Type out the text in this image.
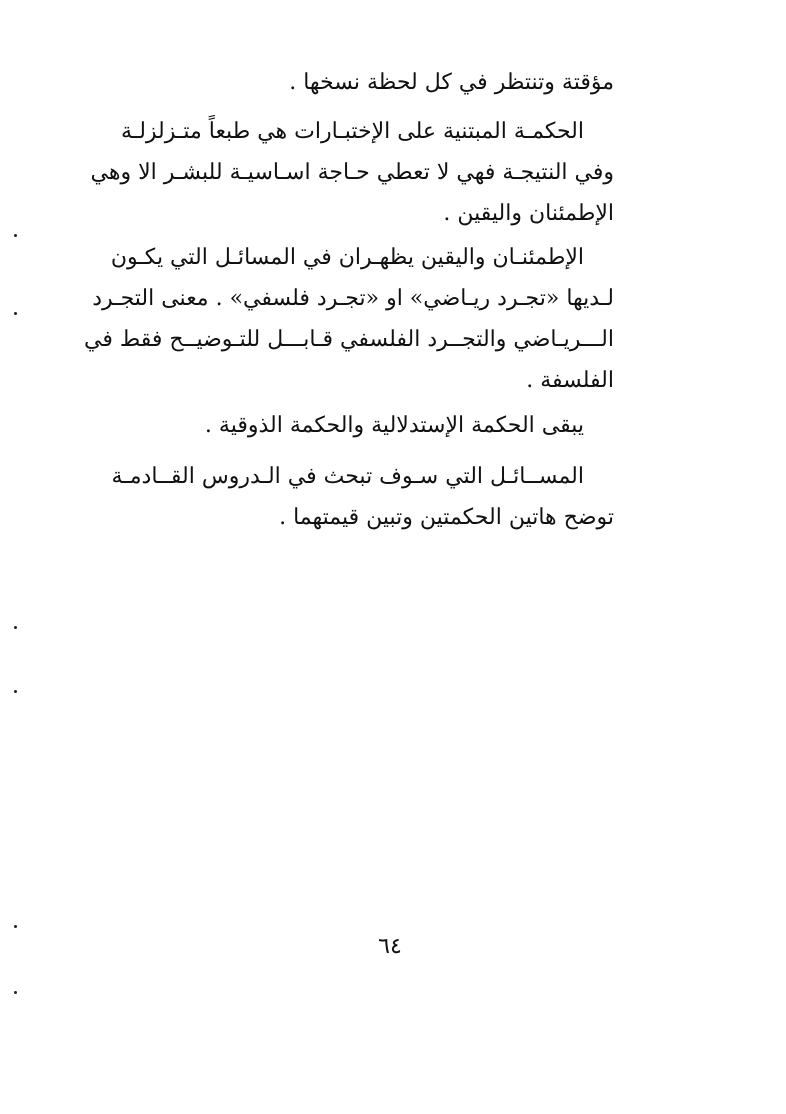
مؤقتة وتنتظر في كل لحظة نسخها .
الحكمـة المبتنية على الإختبـارات هي طبعاً متـزلزلـة
وفي النتيجـة فهي لا تعطي حـاجة اسـاسيـة للبشـر الا وهي
الإطمئنان واليقين .
الإطمئنـان واليقين يظهـران في المسائـل التي يكـون
لـديها «تجـرد ريـاضي» او «تجـرد فلسفي» . معنى التجـرد
الـــريـاضي والتجــرد الفلسفي قـابـــل للتـوضيــح فقط في
الفلسفة .
يبقى الحكمة الإستدلالية والحكمة الذوقية .
المســائـل التي سـوف تبحث في الـدروس القــادمـة
توضح هاتين الحكمتين وتبين قيمتهما .
٦٤
